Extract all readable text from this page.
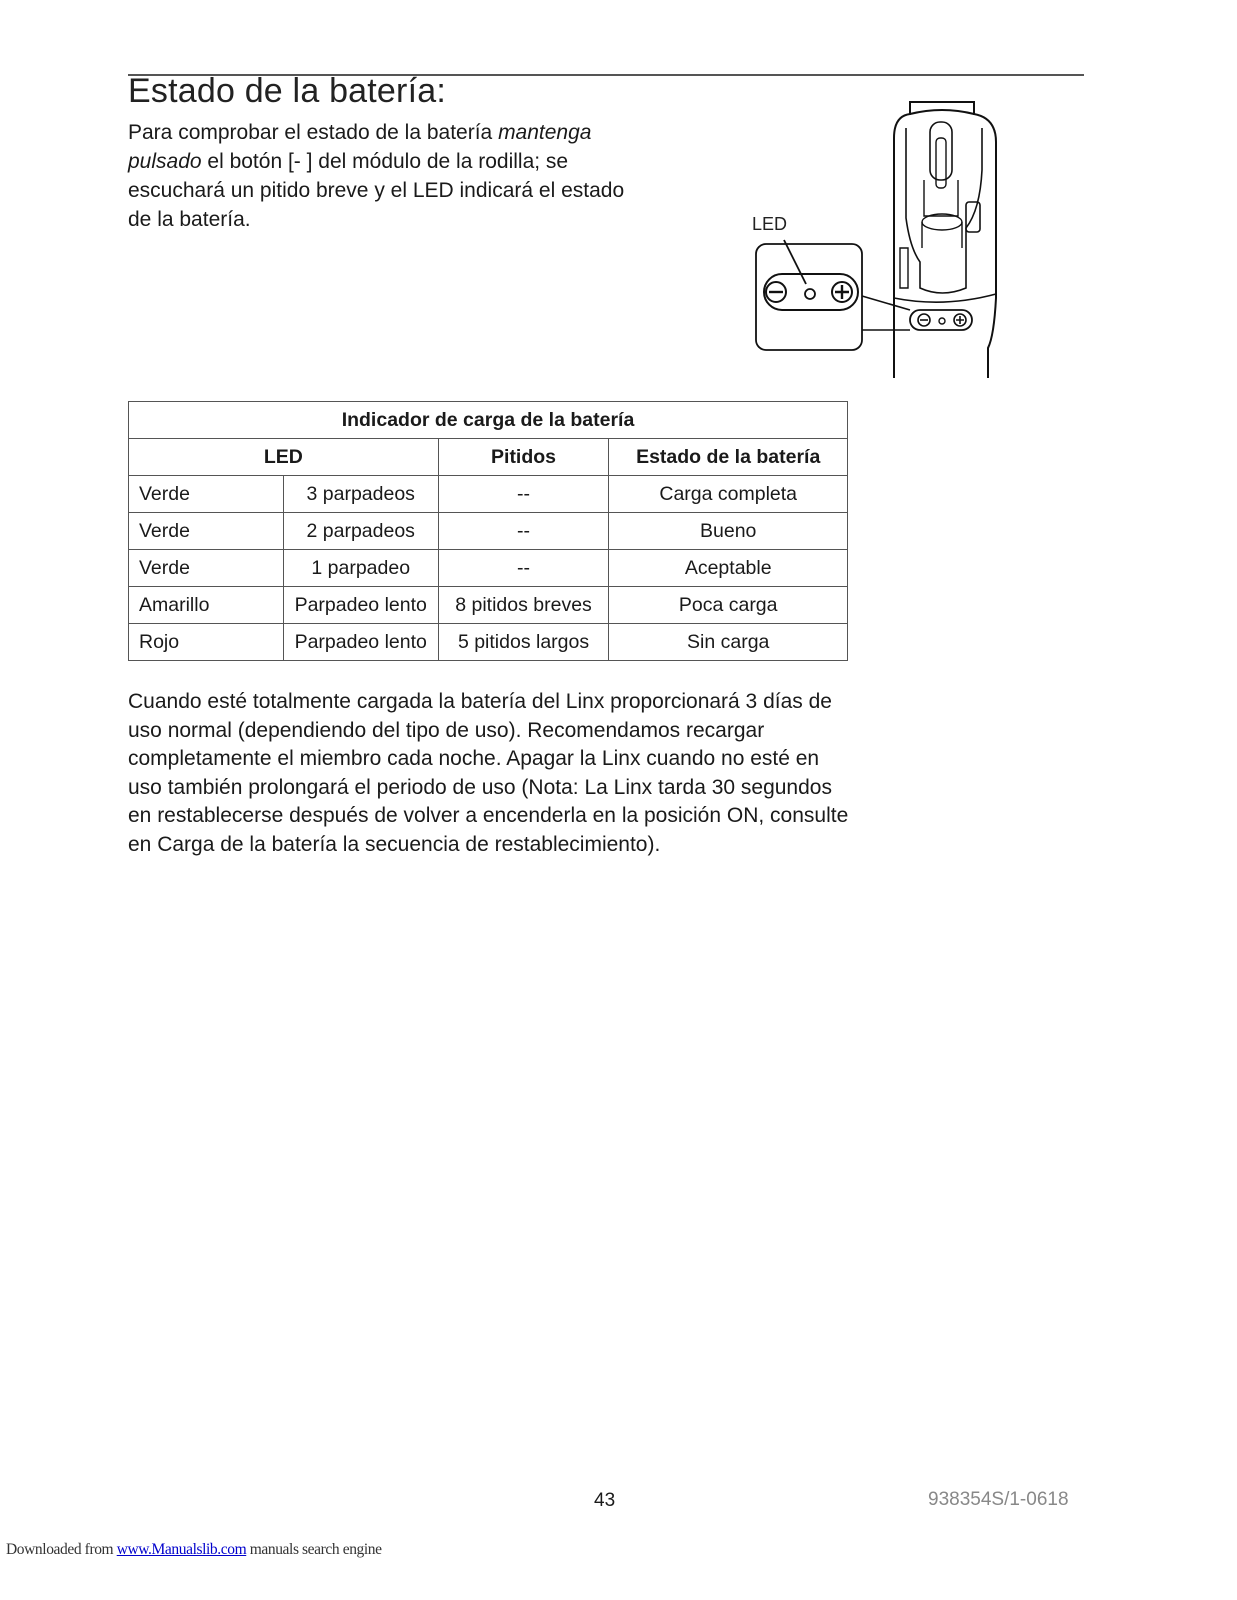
Estado de la batería:
Para comprobar el estado de la batería mantenga pulsado el botón [- ] del módulo de la rodilla; se escuchará un pitido breve y el LED indicará el estado de la batería.	LED
Indicador de carga de la batería			
LED		Pitidos	Estado de la batería
Verde	3 parpadeos	--	Carga completa
Verde	2 parpadeos	--	Bueno
Verde	1 parpadeo	--	Aceptable
Amarillo	Parpadeo lento	8 pitidos breves	Poca carga
Rojo	Parpadeo lento	5 pitidos largos	Sin carga
Cuando esté totalmente cargada la batería del Linx proporcionará 3 días de uso normal (dependiendo del tipo de uso). Recomendamos recargar completamente el miembro cada noche. Apagar la Linx cuando no esté en uso también prolongará el periodo de uso (Nota: La Linx tarda 30 segundos en restablecerse después de volver a encenderla en la posición ON, consulte en Carga de la batería la secuencia de restablecimiento).
43	938354S/1-0618
Downloaded from www.Manualslib.com manuals search engine
